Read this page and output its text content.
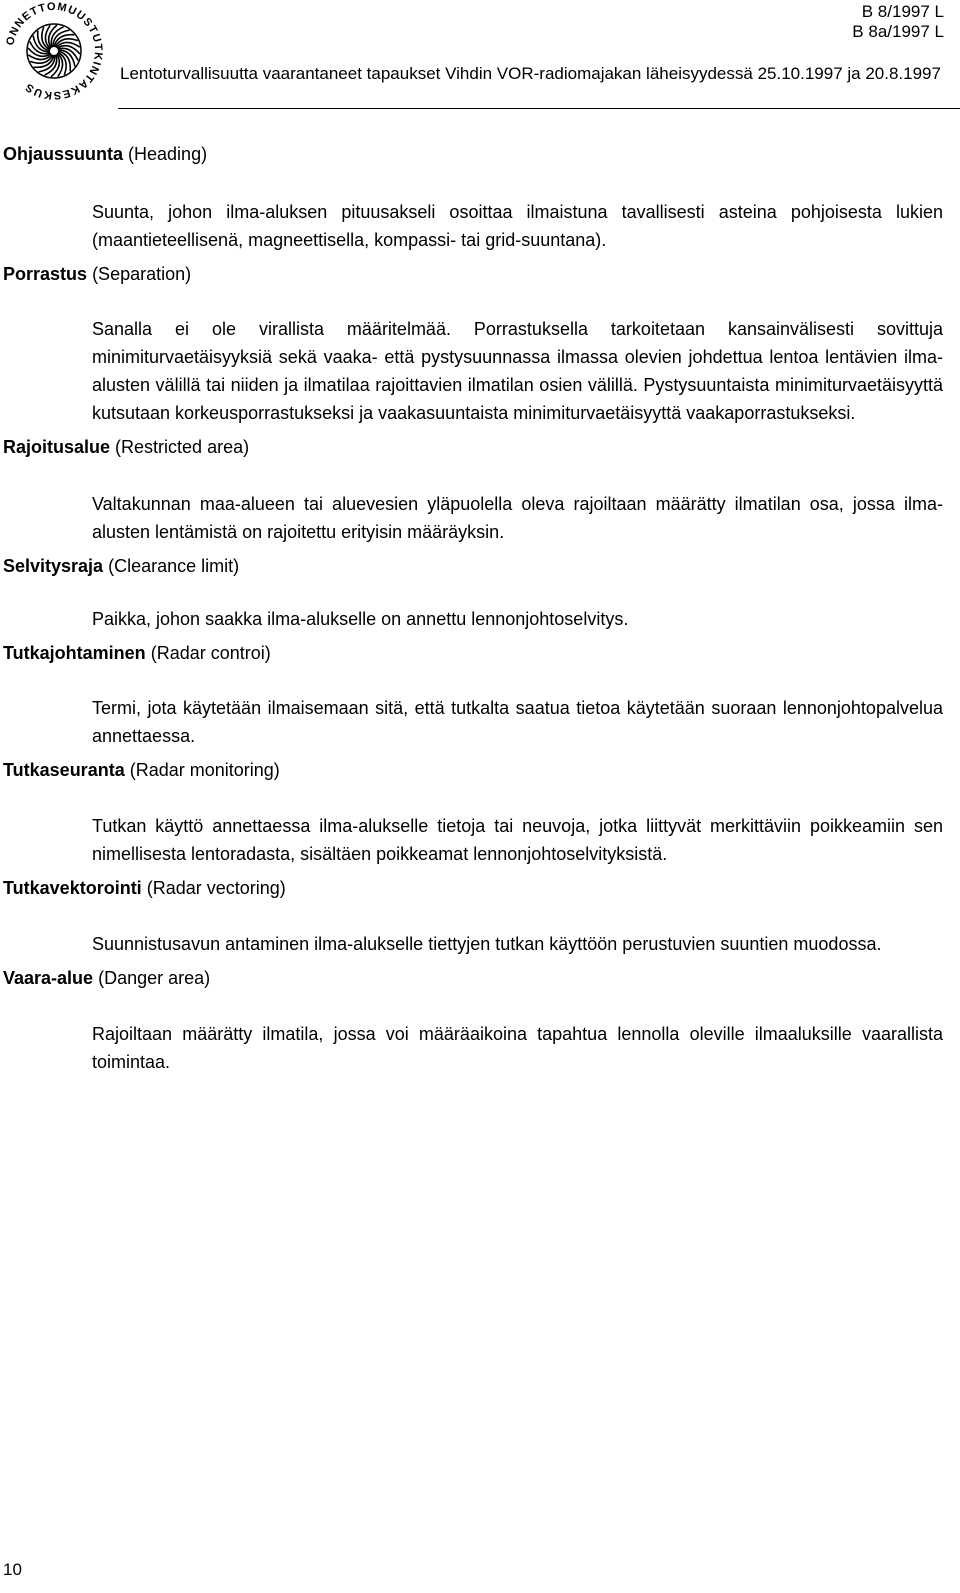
ONNETTOMUUSTUTKINTAKESKUS
B 8/1997 L
B 8a/1997 L
Lentoturvallisuutta vaarantaneet tapaukset Vihdin VOR-radiomajakan läheisyydessä 25.10.1997 ja 20.8.1997

Ohjaussuunta (Heading)

Suunta, johon ilma-aluksen pituusakseli osoittaa ilmaistuna tavallisesti asteina pohjoisesta lukien (maantieteellisenä, magneettisella, kompassi- tai grid-suuntana).

Porrastus (Separation)

Sanalla ei ole virallista määritelmää. Porrastuksella tarkoitetaan kansainvälisesti sovittuja minimiturvaetäisyyksiä sekä vaaka- että pystysuunnassa ilmassa olevien johdettua lentoa lentävien ilma-alusten välillä tai niiden ja ilmatilaa rajoittavien ilmatilan osien välillä. Pystysuuntaista minimiturvaetäisyyttä kutsutaan korkeusporrastukseksi ja vaakasuuntaista minimiturvaetäisyyttä vaakaporrastukseksi.

Rajoitusalue (Restricted area)

Valtakunnan maa-alueen tai aluevesien yläpuolella oleva rajoiltaan määrätty ilmatilan osa, jossa ilma-alusten lentämistä on rajoitettu erityisin määräyksin.

Selvitysraja (Clearance limit)

Paikka, johon saakka ilma-alukselle on annettu lennonjohtoselvitys.

Tutkajohtaminen (Radar controi)

Termi, jota käytetään ilmaisemaan sitä, että tutkalta saatua tietoa käytetään suoraan lennonjohtopalvelua annettaessa.

Tutkaseuranta (Radar monitoring)

Tutkan käyttö annettaessa ilma-alukselle tietoja tai neuvoja, jotka liittyvät merkittäviin poikkeamiin sen nimellisesta lentoradasta, sisältäen poikkeamat lennonjohtoselvityksistä.

Tutkavektorointi (Radar vectoring)

Suunnistusavun antaminen ilma-alukselle tiettyjen tutkan käyttöön perustuvien suuntien muodossa.

Vaara-alue (Danger area)

Rajoiltaan määrätty ilmatila, jossa voi määräaikoina tapahtua lennolla oleville ilmaaluksille vaarallista toimintaa.

10
